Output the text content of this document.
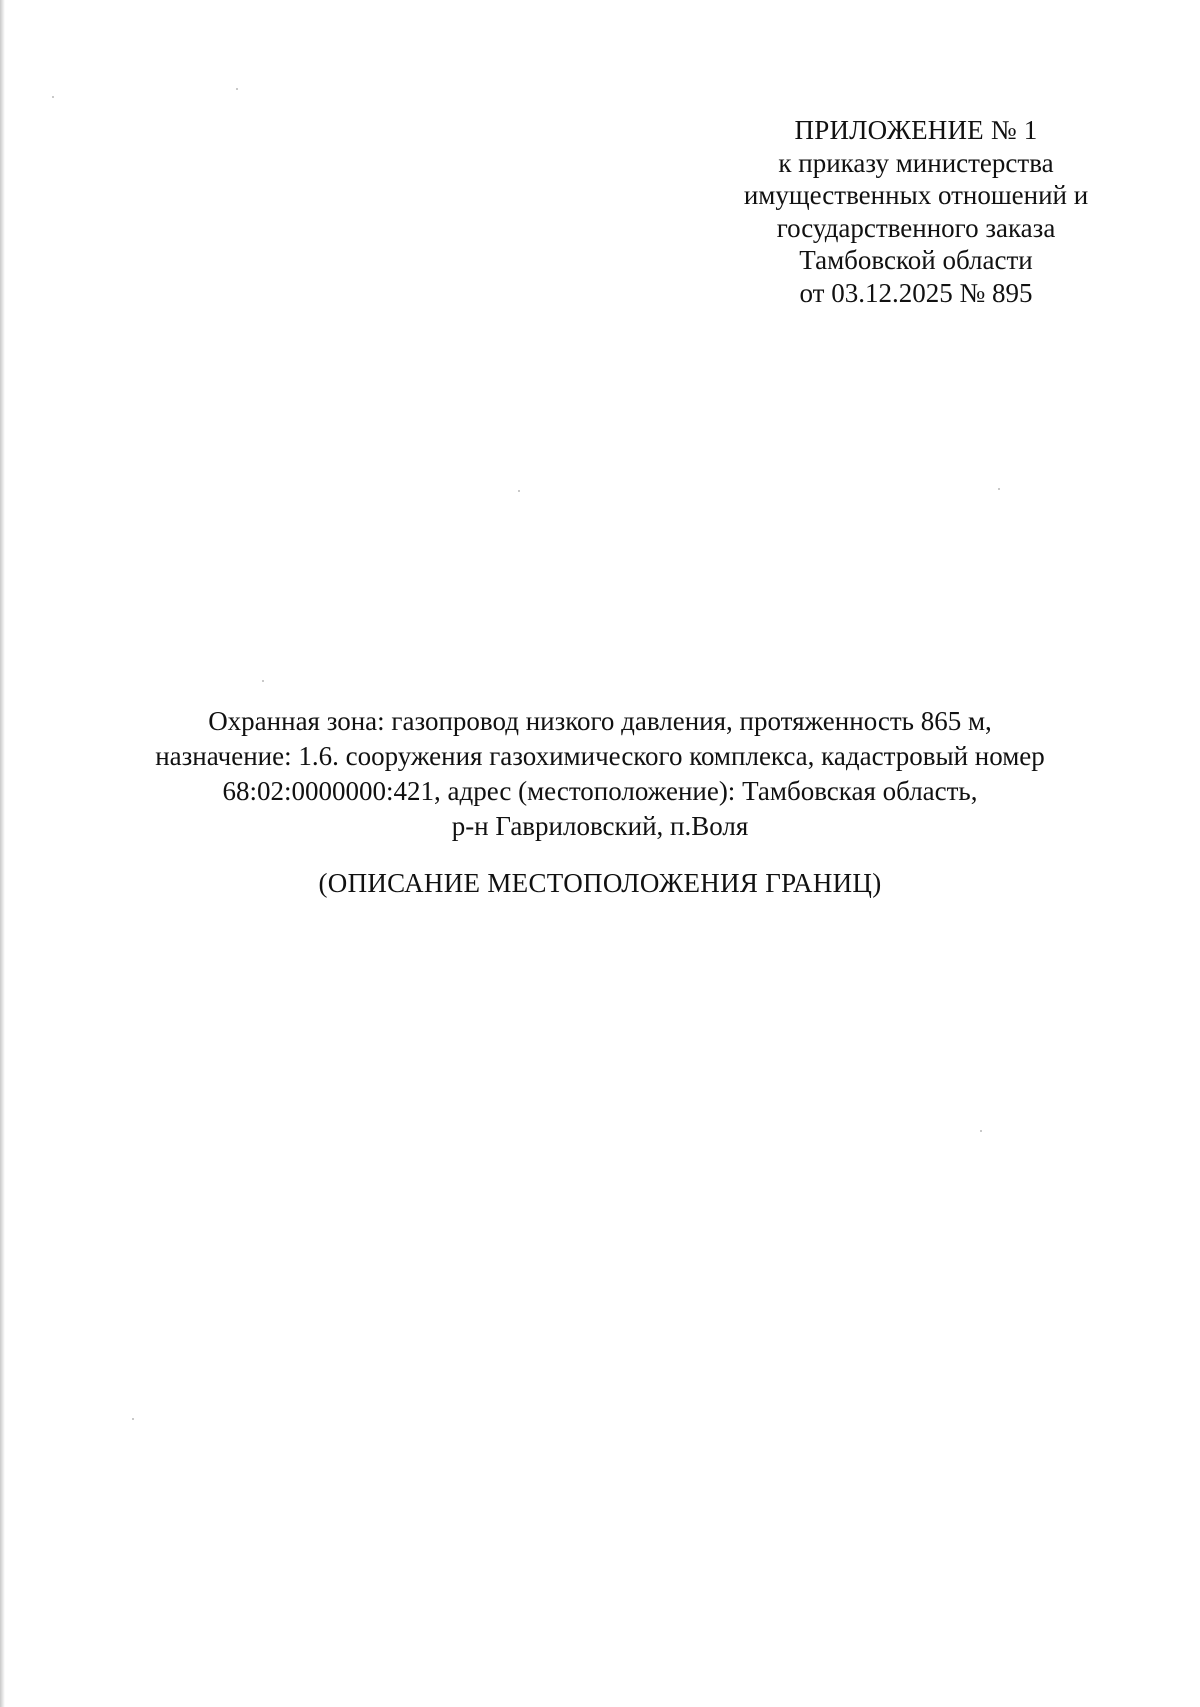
ПРИЛОЖЕНИЕ № 1
к приказу министерства
имущественных отношений и
государственного заказа
Тамбовской области
от 03.12.2025 № 895
Охранная зона: газопровод низкого давления, протяженность 865 м,
назначение: 1.6. сооружения газохимического комплекса, кадастровый номер
68:02:0000000:421, адрес (местоположение): Тамбовская область,
р-н Гавриловский, п.Воля
(ОПИСАНИЕ МЕСТОПОЛОЖЕНИЯ ГРАНИЦ)
